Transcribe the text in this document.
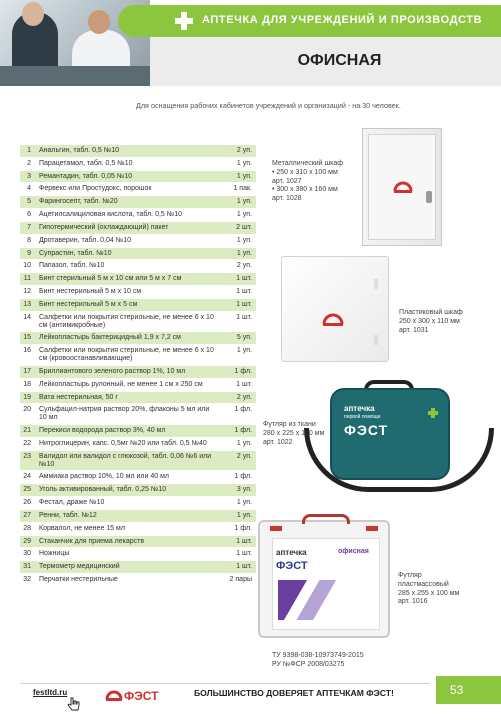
АПТЕЧКА ДЛЯ УЧРЕЖДЕНИЙ И ПРОИЗВОДСТВ
ОФИСНАЯ
Для оснащения рабочих кабинетов учреждений и организаций - на 30 человек.
1	Анальгин, табл. 0,5 №10	2 уп.
2	Парацетамол, табл. 0,5 №10	1 уп.
3	Ремантадин, табл. 0,05 №10	1 уп.
4	Фервекс или Простудокс, порошок	1 пак.
5	Фарингосепт, табл. №20	1 уп.
6	Ацетилсалициловая кислота, табл. 0,5 №10	1 уп.
7	Гипотермический (охлаждающий) пакет	2 шт.
8	Дротаверин, табл. 0,04 №10	1 уп.
9	Супрастин, табл. №10	1 уп.
10	Папазол, табл. №10	2 уп.
11	Бинт стерильный 5 м х 10 см или 5 м х 7 см	1 шт.
12	Бинт нестерильный 5 м х 10 см	1 шт.
13	Бинт нестерильный 5 м х 5 см	1 шт.
14	Салфетки или покрытия стерильные, не менее 6 х 10 см (антимикробные)	1 шт.
15	Лейкопластырь бактерицидный 1,9 х 7,2 см	5 уп.
16	Салфетки или покрытия стерильные, не менее 6 х 10 см (кровоостанавливающие)	1 уп.
17	Бриллиантового зеленого раствор 1%, 10 мл	1 фл.
18	Лейкопластырь рулонный, не менее 1 см х 250 см	1 шт.
19	Вата нестерильная, 50 г	2 уп.
20	Сульфацил-натрия раствор 20%, флаконы 5 мл или 10 мл	1 фл.
21	Перекиси водорода раствор 3%, 40 мл	1 фл.
22	Нитроглицерин, капс. 0,5мг №20 или табл. 0,5 №40	1 уп.
23	Валидол или валидол с глюкозой, табл. 0,06 №6 или №10	2 уп.
24	Аммиака раствор 10%, 10 мл или 40 мл	1 фл.
25	Уголь активированный, табл. 0,25 №10	3 уп.
26	Фестал, драже №10	1 уп.
27	Ренни, табл. №12	1 уп.
28	Корвалол, не менее 15 мл	1 фл.
29	Стаканчик для приема лекарств	1 шт.
30	Ножницы	1 шт.
31	Термометр медицинский	1 шт.
32	Перчатки нестерильные	2 пары
Металлический шкаф
• 250 х 310 х 100 мм
арт. 1027
• 300 х 380 х 160 мм
арт. 1028
Пластиковый шкаф
250 х 300 х 110 мм
арт. 1031
Футляр из ткани
280 х 225 х 130 мм
арт. 1022
аптечка
первой помощи
ФЭСТ
аптечка
ФЭСТ
офисная
Футляр
пластмассовый
285 х 255 х 100 мм
арт. 1016
ТУ 9398-038-10973749-2015
РУ №ФСР 2008/03275
festltd.ru	ФЭСТ	БОЛЬШИНСТВО ДОВЕРЯЕТ АПТЕЧКАМ ФЭСТ!	53
